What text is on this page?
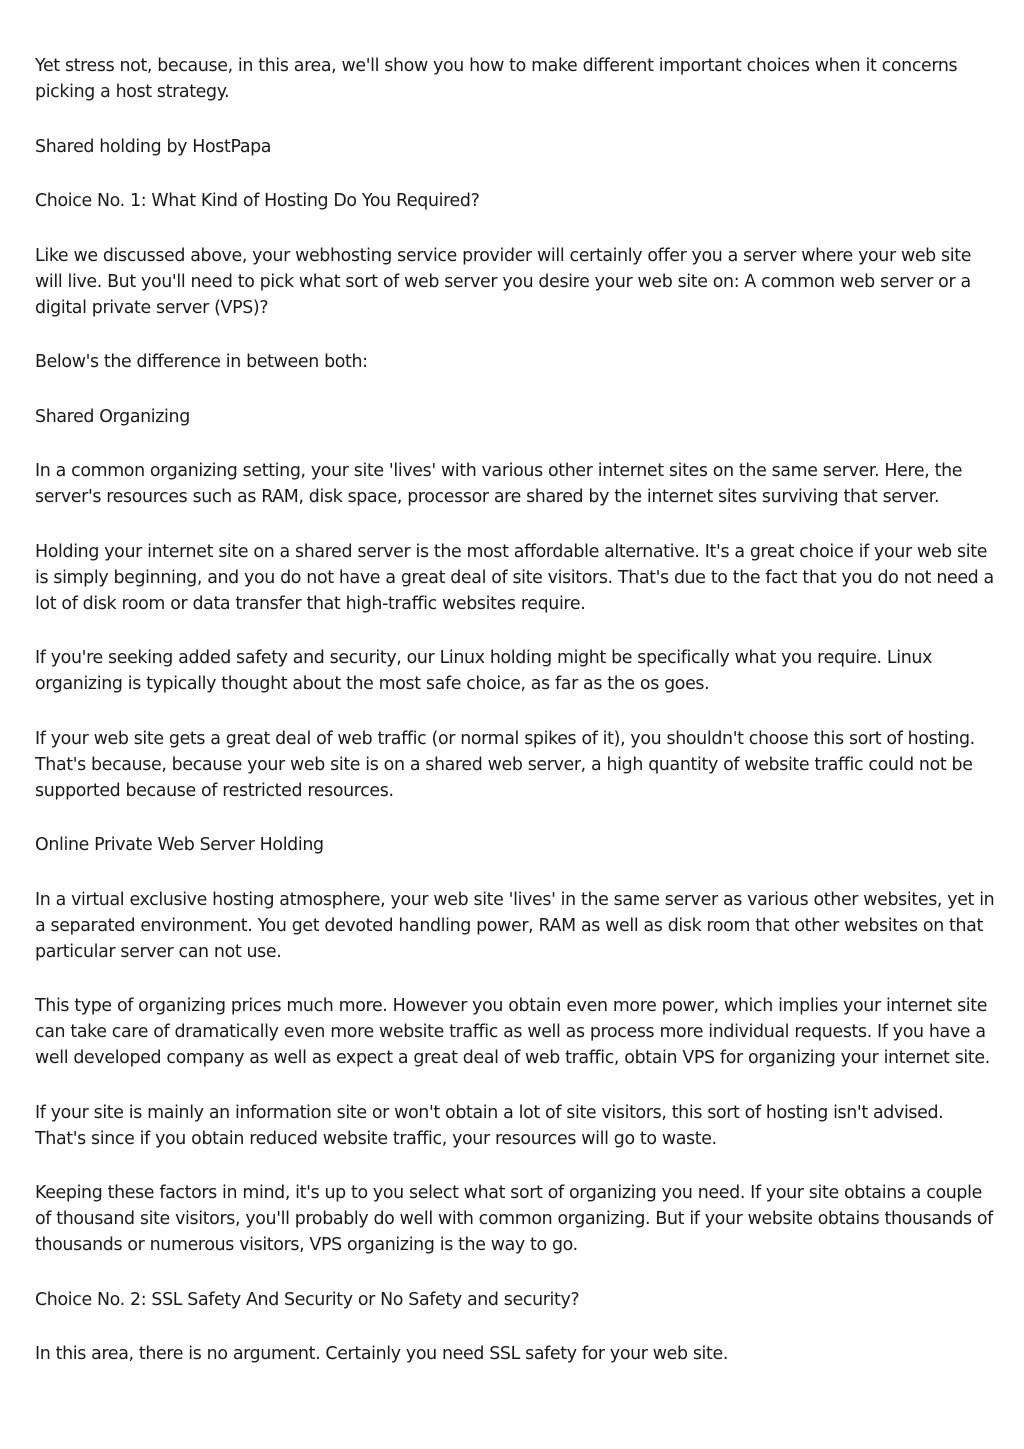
Yet stress not, because, in this area, we'll show you how to make different important choices when it concerns picking a host strategy.

Shared holding by HostPapa

Choice No. 1: What Kind of Hosting Do You Required?

Like we discussed above, your webhosting service provider will certainly offer you a server where your web site will live. But you'll need to pick what sort of web server you desire your web site on: A common web server or a digital private server (VPS)?

Below's the difference in between both:

Shared Organizing

In a common organizing setting, your site 'lives' with various other internet sites on the same server. Here, the server's resources such as RAM, disk space, processor are shared by the internet sites surviving that server.

Holding your internet site on a shared server is the most affordable alternative. It's a great choice if your web site is simply beginning, and you do not have a great deal of site visitors. That's due to the fact that you do not need a lot of disk room or data transfer that high-traffic websites require.

If you're seeking added safety and security, our Linux holding might be specifically what you require. Linux organizing is typically thought about the most safe choice, as far as the os goes.

If your web site gets a great deal of web traffic (or normal spikes of it), you shouldn't choose this sort of hosting. That's because, because your web site is on a shared web server, a high quantity of website traffic could not be supported because of restricted resources.

Online Private Web Server Holding

In a virtual exclusive hosting atmosphere, your web site 'lives' in the same server as various other websites, yet in a separated environment. You get devoted handling power, RAM as well as disk room that other websites on that particular server can not use.

This type of organizing prices much more. However you obtain even more power, which implies your internet site can take care of dramatically even more website traffic as well as process more individual requests. If you have a well developed company as well as expect a great deal of web traffic, obtain VPS for organizing your internet site.

If your site is mainly an information site or won't obtain a lot of site visitors, this sort of hosting isn't advised. That's since if you obtain reduced website traffic, your resources will go to waste.

Keeping these factors in mind, it's up to you select what sort of organizing you need. If your site obtains a couple of thousand site visitors, you'll probably do well with common organizing. But if your website obtains thousands of thousands or numerous visitors, VPS organizing is the way to go.

Choice No. 2: SSL Safety And Security or No Safety and security?

In this area, there is no argument. Certainly you need SSL safety for your web site.
